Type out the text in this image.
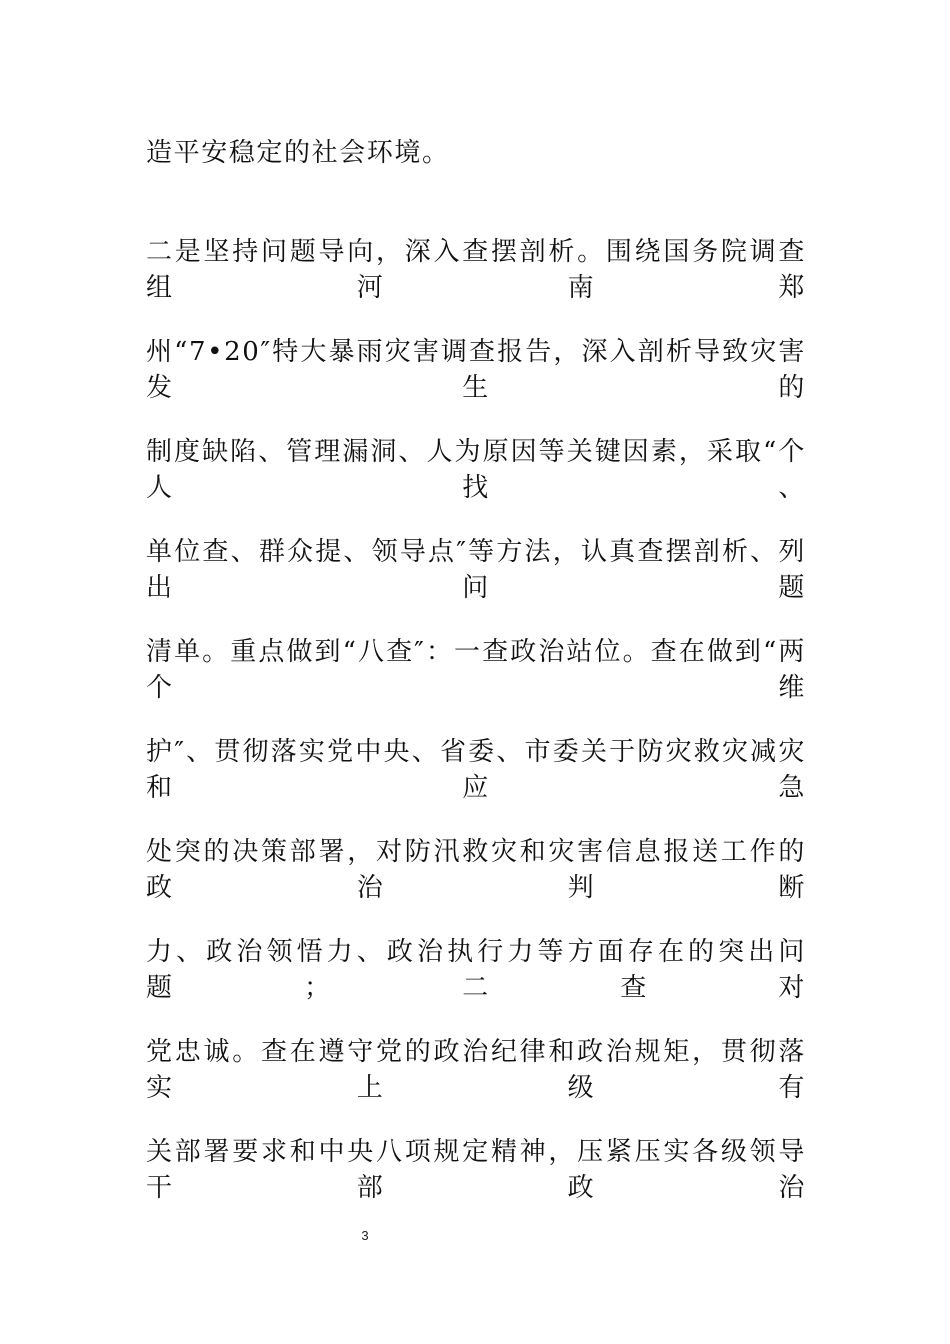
造平安稳定的社会环境。
二是坚持问题导向，深入查摆剖析。围绕国务院调查组河南郑
州“7•20″特大暴雨灾害调查报告，深入剖析导致灾害发生的
制度缺陷、管理漏洞、人为原因等关键因素，采取“个人找、
单位查、群众提、领导点″等方法，认真查摆剖析、列出问题
清单。重点做到“八查″：一查政治站位。查在做到“两个维
护″、贯彻落实党中央、省委、市委关于防灾救灾减灾和应急
处突的决策部署，对防汛救灾和灾害信息报送工作的政治判断
力、政治领悟力、政治执行力等方面存在的突出问题；二查对
党忠诚。查在遵守党的政治纪律和政治规矩，贯彻落实上级有
关部署要求和中央八项规定精神，压紧压实各级领导干部政治
3
